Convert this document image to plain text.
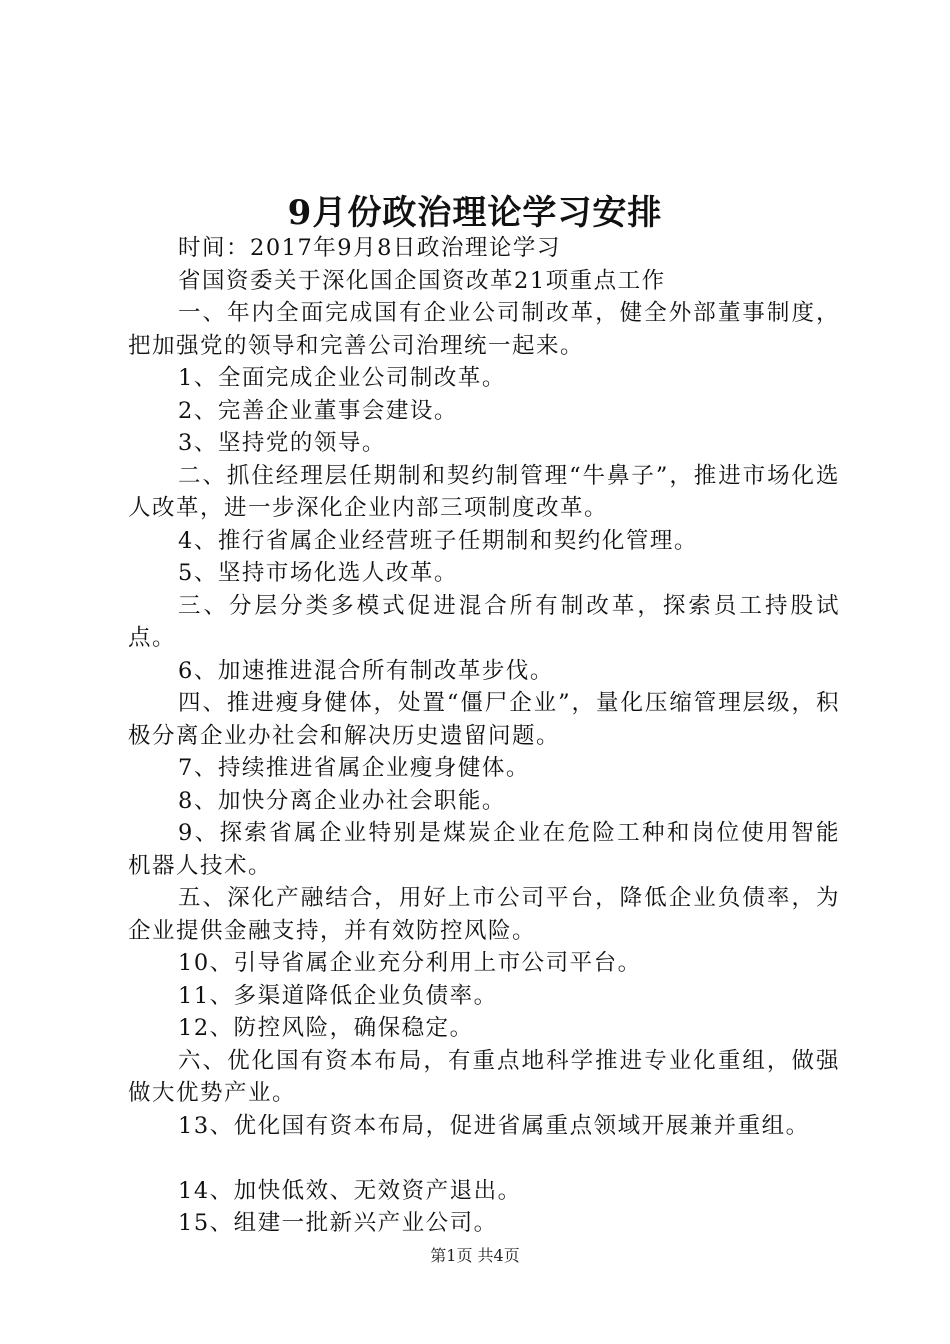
9月份政治理论学习安排

时间：2017年9月8日政治理论学习

省国资委关于深化国企国资改革21项重点工作

一、年内全面完成国有企业公司制改革，健全外部董事制度，把加强党的领导和完善公司治理统一起来。

1、全面完成企业公司制改革。

2、完善企业董事会建设。

3、坚持党的领导。

二、抓住经理层任期制和契约制管理“牛鼻子”，推进市场化选人改革，进一步深化企业内部三项制度改革。

4、推行省属企业经营班子任期制和契约化管理。

5、坚持市场化选人改革。

三、分层分类多模式促进混合所有制改革，探索员工持股试点。

6、加速推进混合所有制改革步伐。

四、推进瘦身健体，处置“僵尸企业”，量化压缩管理层级，积极分离企业办社会和解决历史遗留问题。

7、持续推进省属企业瘦身健体。

8、加快分离企业办社会职能。

9、探索省属企业特别是煤炭企业在危险工种和岗位使用智能机器人技术。

五、深化产融结合，用好上市公司平台，降低企业负债率，为企业提供金融支持，并有效防控风险。

10、引导省属企业充分利用上市公司平台。

11、多渠道降低企业负债率。

12、防控风险，确保稳定。

六、优化国有资本布局，有重点地科学推进专业化重组，做强做大优势产业。

13、优化国有资本布局，促进省属重点领域开展兼并重组。

14、加快低效、无效资产退出。

15、组建一批新兴产业公司。

第1页 共4页
